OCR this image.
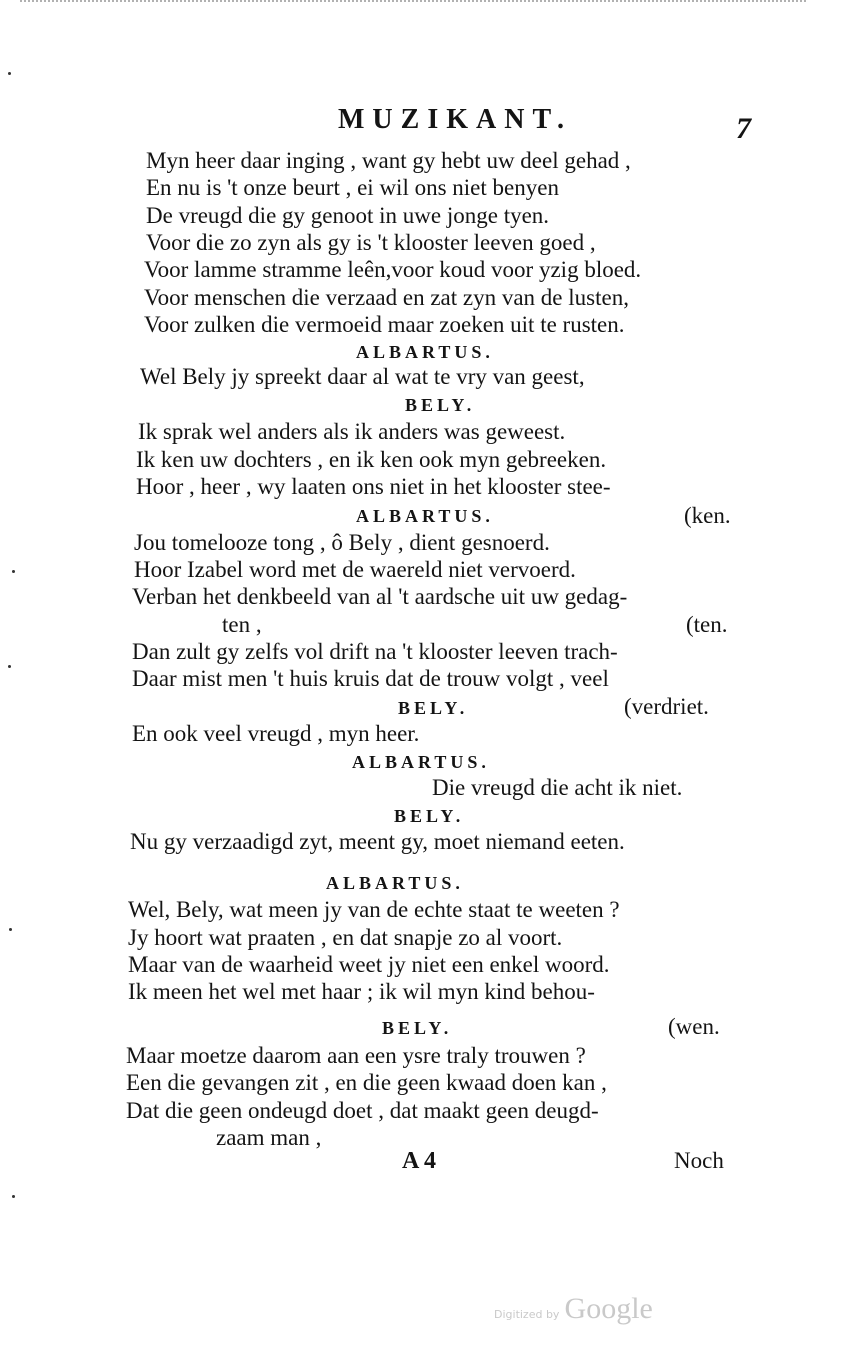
MUZIKANT.	7
Myn heer daar inging , want gy hebt uw deel gehad ,
En nu is 't onze beurt , ei wil ons niet benyen
De vreugd die gy genoot in uwe jonge tyen.
Voor die zo zyn als gy is 't klooster leeven goed ,
Voor lamme stramme leên,voor koud voor yzig bloed.
Voor menschen die verzaad en zat zyn van de lusten,
Voor zulken die vermoeid maar zoeken uit te rusten.
ALBARTUS.
Wel Bely jy spreekt daar al wat te vry van geest,
BELY.
Ik sprak wel anders als ik anders was geweest.
Ik ken uw dochters , en ik ken ook myn gebreeken.
Hoor , heer , wy laaten ons niet in het klooster stee-
ALBARTUS.	(ken.
Jou tomelooze tong , ô Bely , dient gesnoerd.
Hoor Izabel word met de waereld niet vervoerd.
Verban het denkbeeld van al 't aardsche uit uw gedag-
ten ,	(ten.
Dan zult gy zelfs vol drift na 't klooster leeven trach-
Daar mist men 't huis kruis dat de trouw volgt , veel
BELY.	(verdriet.
En ook veel vreugd , myn heer.
ALBARTUS.
Die vreugd die acht ik niet.
BELY.
Nu gy verzaadigd zyt, meent gy, moet niemand eeten.
ALBARTUS.
Wel, Bely, wat meen jy van de echte staat te weeten ?
Jy hoort wat praaten , en dat snapje zo al voort.
Maar van de waarheid weet jy niet een enkel woord.
Ik meen het wel met haar ; ik wil myn kind behou-
BELY.	(wen.
Maar moetze daarom aan een ysre traly trouwen ?
Een die gevangen zit , en die geen kwaad doen kan ,
Dat die geen ondeugd doet , dat maakt geen deugd-
zaam man ,
A 4	Noch
Digitized by Google
